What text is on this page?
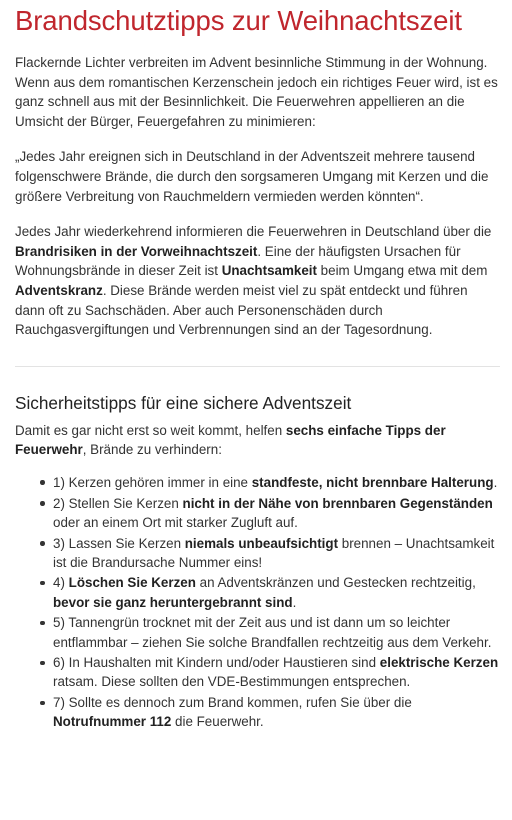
Brandschutztipps zur Weihnachtszeit

Flackernde Lichter verbreiten im Advent besinnliche Stimmung in der Wohnung. Wenn aus dem romantischen Kerzenschein jedoch ein richtiges Feuer wird, ist es ganz schnell aus mit der Besinnlichkeit. Die Feuerwehren appellieren an die Umsicht der Bürger, Feuergefahren zu minimieren:

„Jedes Jahr ereignen sich in Deutschland in der Adventszeit mehrere tausend folgenschwere Brände, die durch den sorgsameren Umgang mit Kerzen und die größere Verbreitung von Rauchmeldern vermieden werden könnten“.

Jedes Jahr wiederkehrend informieren die Feuerwehren in Deutschland über die Brandrisiken in der Vorweihnachtszeit. Eine der häufigsten Ursachen für Wohnungsbrände in dieser Zeit ist Unachtsamkeit beim Umgang etwa mit dem Adventskranz. Diese Brände werden meist viel zu spät entdeckt und führen dann oft zu Sachschäden. Aber auch Personenschäden durch Rauchgasvergiftungen und Verbrennungen sind an der Tagesordnung.

Sicherheitstipps für eine sichere Adventszeit

Damit es gar nicht erst so weit kommt, helfen sechs einfache Tipps der Feuerwehr, Brände zu verhindern:

1) Kerzen gehören immer in eine standfeste, nicht brennbare Halterung.
2) Stellen Sie Kerzen nicht in der Nähe von brennbaren Gegenständen oder an einem Ort mit starker Zugluft auf.
3) Lassen Sie Kerzen niemals unbeaufsichtigt brennen – Unachtsamkeit ist die Brandursache Nummer eins!
4) Löschen Sie Kerzen an Adventskränzen und Gestecken rechtzeitig, bevor sie ganz heruntergebrannt sind.
5) Tannengrün trocknet mit der Zeit aus und ist dann um so leichter entflammbar – ziehen Sie solche Brandfallen rechtzeitig aus dem Verkehr.
6) In Haushalten mit Kindern und/oder Haustieren sind elektrische Kerzen ratsam. Diese sollten den VDE-Bestimmungen entsprechen.
7) Sollte es dennoch zum Brand kommen, rufen Sie über die Notrufnummer 112 die Feuerwehr.
